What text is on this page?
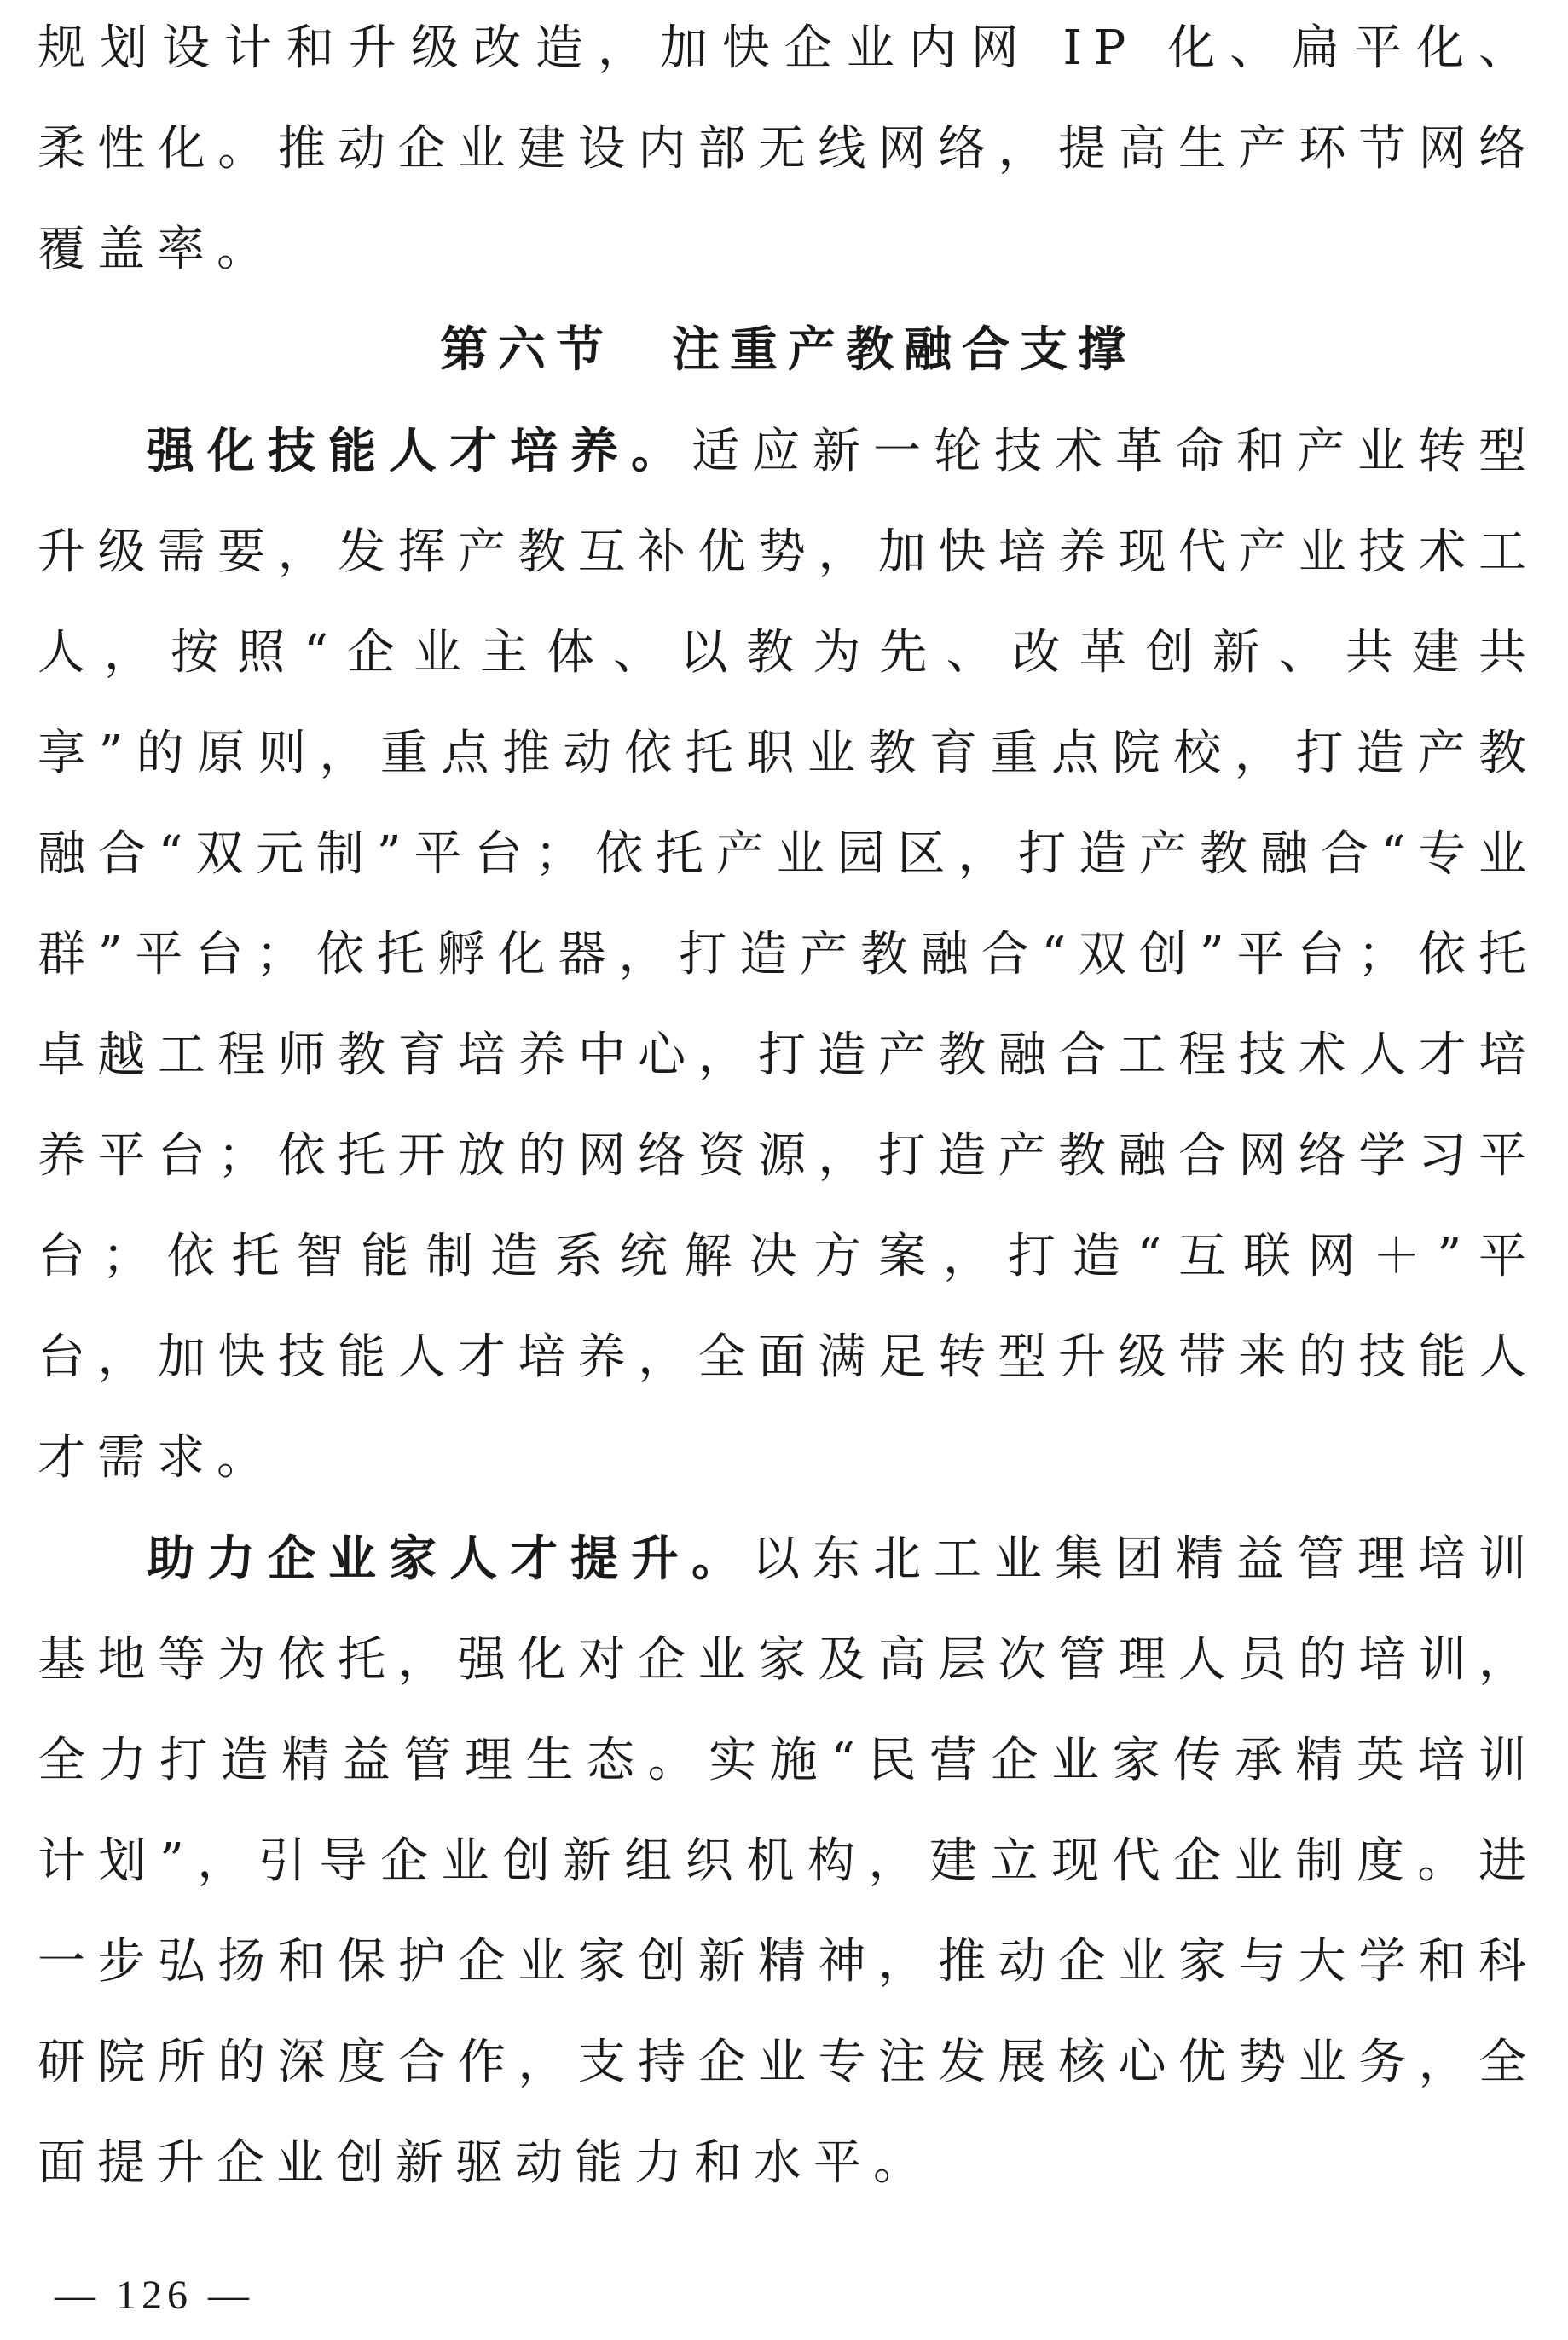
规划设计和升级改造，加快企业内网 IP 化、扁平化、柔性化。推动企业建设内部无线网络，提高生产环节网络覆盖率。

第六节　注重产教融合支撑

强化技能人才培养。适应新一轮技术革命和产业转型升级需要，发挥产教互补优势，加快培养现代产业技术工人，按照“企业主体、以教为先、改革创新、共建共享”的原则，重点推动依托职业教育重点院校，打造产教融合“双元制”平台；依托产业园区，打造产教融合“专业群”平台；依托孵化器，打造产教融合“双创”平台；依托卓越工程师教育培养中心，打造产教融合工程技术人才培养平台；依托开放的网络资源，打造产教融合网络学习平台；依托智能制造系统解决方案，打造“互联网＋”平台，加快技能人才培养，全面满足转型升级带来的技能人才需求。

助力企业家人才提升。以东北工业集团精益管理培训基地等为依托，强化对企业家及高层次管理人员的培训，全力打造精益管理生态。实施“民营企业家传承精英培训计划”，引导企业创新组织机构，建立现代企业制度。进一步弘扬和保护企业家创新精神，推动企业家与大学和科研院所的深度合作，支持企业专注发展核心优势业务，全面提升企业创新驱动能力和水平。

— 126 —
